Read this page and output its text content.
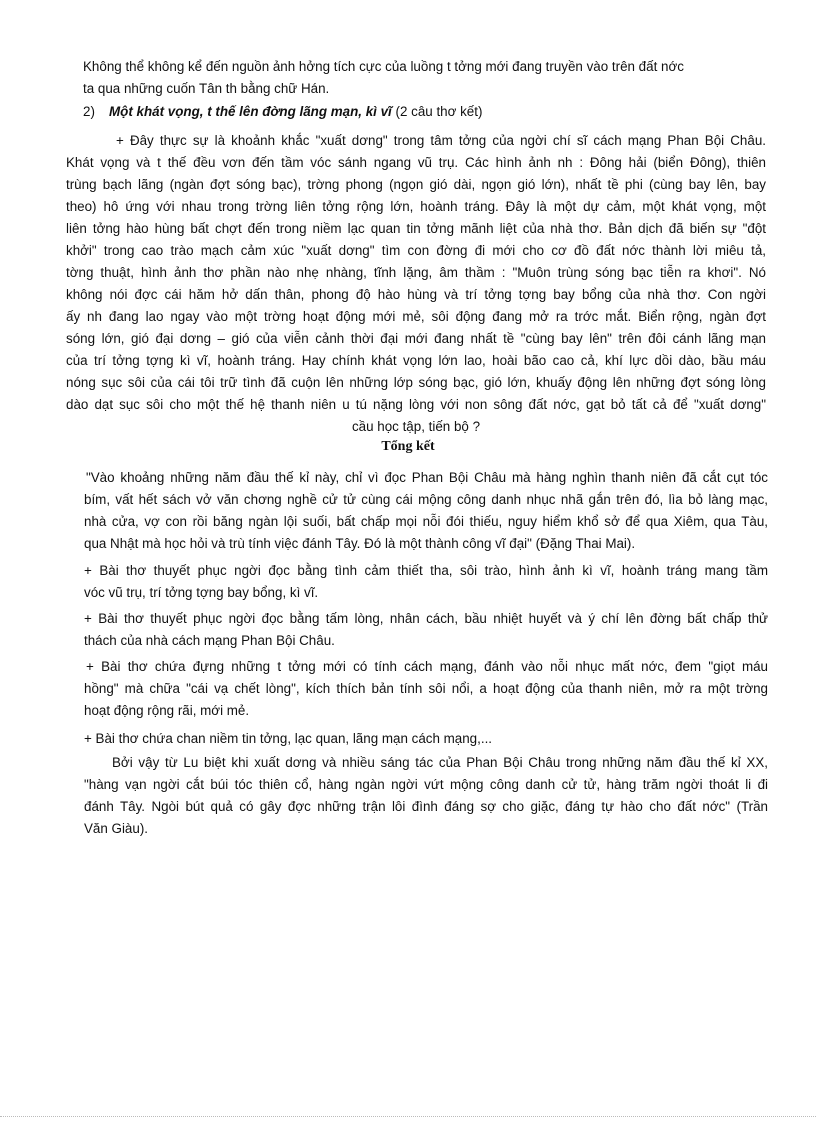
Không thể không kể đến nguồn ảnh hởng tích cực của luồng t tởng mới đang truyền vào trên đất nớc
ta qua những cuốn Tân th bằng chữ Hán.
2) Một khát vọng, t thế lên đờng lãng mạn, kì vĩ (2 câu thơ kết)
+ Đây thực sự là khoảnh khắc "xuất dơng" trong tâm tởng của ngời chí sĩ cách mạng Phan Bội Châu.
Khát vọng và t thế đều vơn đến tầm vóc sánh ngang vũ trụ. Các hình ảnh nh : Đông hải (biển Đông), thiên
trùng bạch lãng (ngàn đợt sóng bạc), trờng phong (ngọn gió dài, ngọn gió lớn), nhất tề phi (cùng bay lên, bay
theo) hô ứng với nhau trong trờng liên tởng rộng lớn, hoành tráng. Đây là một dự cảm, một khát vọng, một
liên tởng hào hùng bất chợt đến trong niềm lạc quan tin tởng mãnh liệt của nhà thơ. Bản dịch đã biến sự "đột
khởi" trong cao trào mạch cảm xúc "xuất dơng" tìm con đờng đi mới cho cơ đồ đất nớc thành lời miêu tả,
tờng thuật, hình ảnh thơ phần nào nhẹ nhàng, tĩnh lặng, âm thầm : "Muôn trùng sóng bạc tiễn ra khơi". Nó
không nói đợc cái hăm hở dấn thân, phong độ hào hùng và trí tởng tợng bay bổng của nhà thơ. Con ngời
ấy nh đang lao ngay vào một trờng hoạt động mới mẻ, sôi động đang mở ra trớc mắt. Biển rộng, ngàn đợt
sóng lớn, gió đại dơng – gió của viễn cảnh thời đại mới đang nhất tề "cùng bay lên" trên đôi cánh lãng mạn
của trí tởng tợng kì vĩ, hoành tráng. Hay chính khát vọng lớn lao, hoài bão cao cả, khí lực dồi dào, bầu máu
nóng sục sôi của cái tôi trữ tình đã cuộn lên những lớp sóng bạc, gió lớn, khuấy động lên những đợt sóng lòng
dào dạt sục sôi cho một thế hệ thanh niên u tú nặng lòng với non sông đất nớc, gạt bỏ tất cả để "xuất dơng"
cầu học tập, tiến bộ ?
Tổng kết
"Vào khoảng những năm đầu thế kỉ này, chỉ vì đọc Phan Bội Châu mà hàng nghìn thanh niên đã cắt cụt tóc
bím, vất hết sách vở văn chơng nghề cử tử cùng cái mộng công danh nhục nhã gắn trên đó, lìa bỏ làng mạc,
nhà cửa, vợ con rồi băng ngàn lội suối, bất chấp mọi nỗi đói thiếu, nguy hiểm khổ sở để qua Xiêm, qua Tàu,
qua Nhật mà học hỏi và trù tính việc đánh Tây. Đó là một thành công vĩ đại" (Đặng Thai Mai).
+ Bài thơ thuyết phục ngời đọc bằng tình cảm thiết tha, sôi trào, hình ảnh kì vĩ, hoành tráng mang tầm
vóc vũ trụ, trí tởng tợng bay bổng, kì vĩ.
+ Bài thơ thuyết phục ngời đọc bằng tấm lòng, nhân cách, bầu nhiệt huyết và ý chí lên đờng bất chấp thử
thách của nhà cách mạng Phan Bội Châu.
+ Bài thơ chứa đựng những t tởng mới có tính cách mạng, đánh vào nỗi nhục mất nớc, đem "giọt máu
hồng" mà chữa "cái vạ chết lòng", kích thích bản tính sôi nổi, a hoạt động của thanh niên, mở ra một trờng
hoạt động rộng rãi, mới mẻ.
+ Bài thơ chứa chan niềm tin tởng, lạc quan, lãng mạn cách mạng,...
Bởi vậy từ Lu biệt khi xuất dơng và nhiều sáng tác của Phan Bội Châu trong những năm đầu thế kỉ XX,
"hàng vạn ngời cắt búi tóc thiên cổ, hàng ngàn ngời vứt mộng công danh cử tử, hàng trăm ngời thoát li đi
đánh Tây. Ngòi bút quả có gây đợc những trận lôi đình đáng sợ cho giặc, đáng tự hào cho đất nớc" (Trần
Văn Giàu).
